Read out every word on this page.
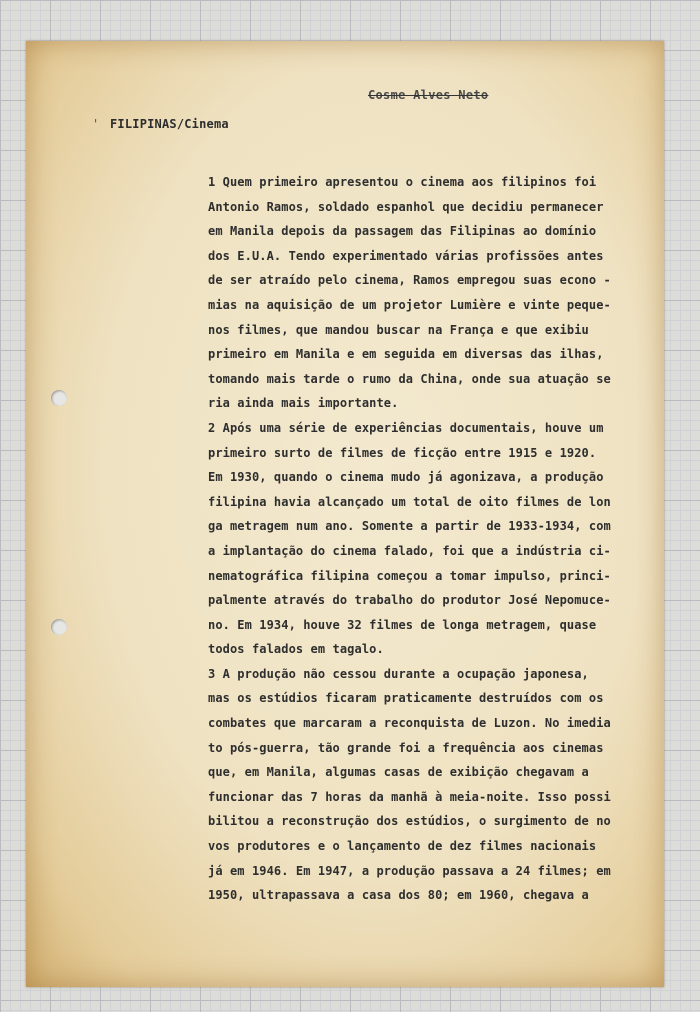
Cosme Alves Neto
' FILIPINAS/Cinema
1 Quem primeiro apresentou o cinema aos filipinos foi
Antonio Ramos, soldado espanhol que decidiu permanecer
em Manila depois da passagem das Filipinas ao domínio
dos E.U.A. Tendo experimentado várias profissões antes
de ser atraído pelo cinema, Ramos empregou suas econo -
mias na aquisição de um projetor Lumière e vinte peque-
nos filmes, que mandou buscar na França e que exibiu
primeiro em Manila e em seguida em diversas das ilhas,
tomando mais tarde o rumo da China, onde sua atuação se
ria ainda mais importante.
2 Após uma série de experiências documentais, houve um
primeiro surto de filmes de ficção entre 1915 e 1920.
Em 1930, quando o cinema mudo já agonizava, a produção
filipina havia alcançado um total de oito filmes de lon
ga metragem num ano. Somente a partir de 1933-1934, com
a implantação do cinema falado, foi que a indústria ci-
nematográfica filipina começou a tomar impulso, princi-
palmente através do trabalho do produtor José Nepomuce-
no. Em 1934, houve 32 filmes de longa metragem, quase
todos falados em tagalo.
3 A produção não cessou durante a ocupação japonesa,
mas os estúdios ficaram praticamente destruídos com os
combates que marcaram a reconquista de Luzon. No imedia
to pós-guerra, tão grande foi a frequência aos cinemas
que, em Manila, algumas casas de exibição chegavam a
funcionar das 7 horas da manhã à meia-noite. Isso possi
bilitou a reconstrução dos estúdios, o surgimento de no
vos produtores e o lançamento de dez filmes nacionais
já em 1946. Em 1947, a produção passava a 24 filmes; em
1950, ultrapassava a casa dos 80; em 1960, chegava a
